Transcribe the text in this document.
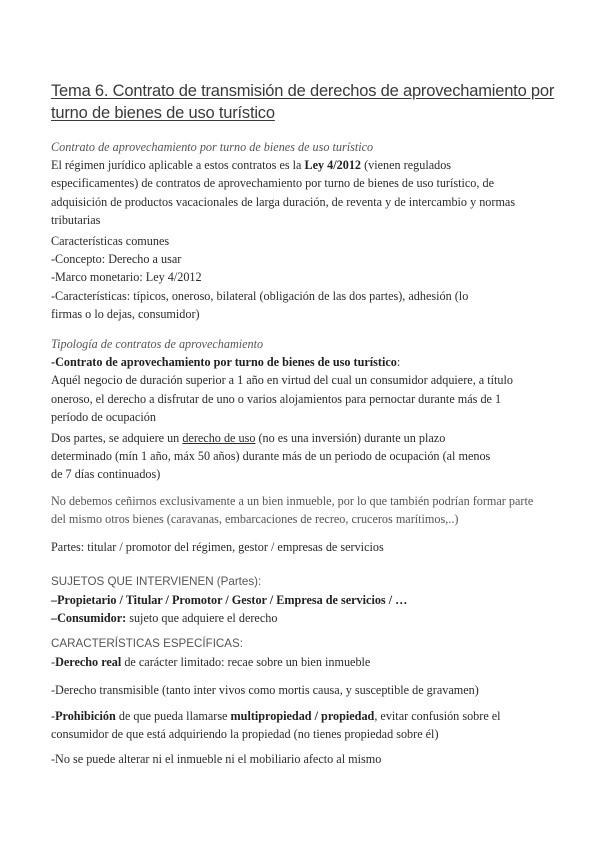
Tema 6. Contrato de transmisión de derechos de aprovechamiento por turno de bienes de uso turístico
Contrato de aprovechamiento por turno de bienes de uso turístico
El régimen jurídico aplicable a estos contratos es la Ley 4/2012 (vienen regulados
especificamentes) de contratos de aprovechamiento por turno de bienes de uso turístico, de
adquisición de productos vacacionales de larga duración, de reventa y de intercambio y normas
tributarias
Características comunes
-Concepto: Derecho a usar
-Marco monetario: Ley 4/2012
-Características: típicos, oneroso, bilateral (obligación de las dos partes), adhesión (lo
firmas o lo dejas, consumidor)
Tipología de contratos de aprovechamiento
-Contrato de aprovechamiento por turno de bienes de uso turístico:
Aquél negocio de duración superior a 1 año en virtud del cual un consumidor adquiere, a título
oneroso, el derecho a disfrutar de uno o varios alojamientos para pernoctar durante más de 1
período de ocupación
Dos partes, se adquiere un derecho de uso (no es una inversión) durante un plazo
determinado (mín 1 año, máx 50 años) durante más de un periodo de ocupación (al menos
de 7 días continuados)
No debemos ceñirnos exclusivamente a un bien inmueble, por lo que también podrían formar parte
del mismo otros bienes (caravanas, embarcaciones de recreo, cruceros marítimos,..)
Partes: titular / promotor del régimen, gestor / empresas de servicios
SUJETOS QUE INTERVIENEN (Partes):
–Propietario / Titular / Promotor / Gestor / Empresa de servicios / …
–Consumidor: sujeto que adquiere el derecho
CARACTERÍSTICAS ESPECÍFICAS:
-Derecho real de carácter limitado: recae sobre un bien inmueble
-Derecho transmisible (tanto inter vivos como mortis causa, y susceptible de gravamen)
-Prohibición de que pueda llamarse multipropiedad / propiedad, evitar confusión sobre el
consumidor de que está adquiriendo la propiedad (no tienes propiedad sobre él)
-No se puede alterar ni el inmueble ni el mobiliario afecto al mismo
